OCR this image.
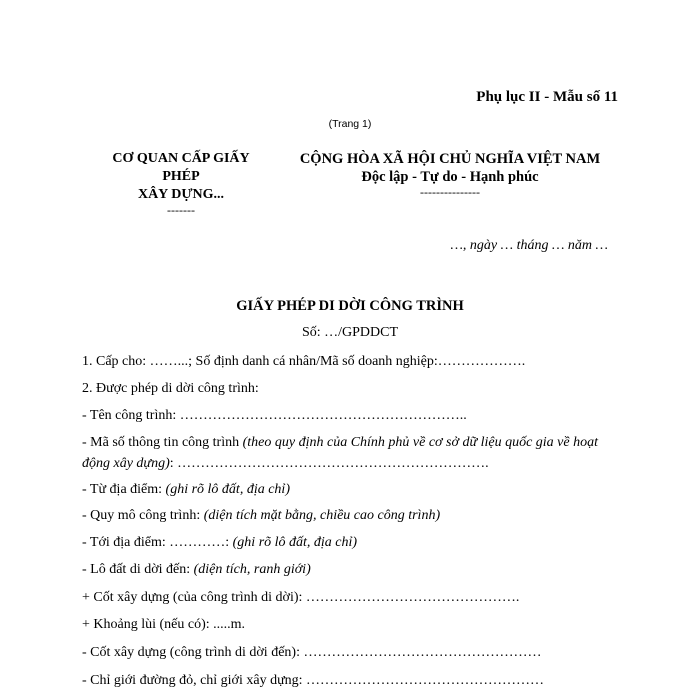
Phụ lục II - Mẫu số 11
(Trang 1)
CƠ QUAN CẤP GIẤY
PHÉP
XÂY DỰNG...
-------
CỘNG HÒA XÃ HỘI CHỦ NGHĨA VIỆT NAM
Độc lập - Tự do - Hạnh phúc
---------------
…, ngày … tháng … năm …
GIẤY PHÉP DI DỜI CÔNG TRÌNH
Số: …/GPDDCT
1. Cấp cho: ……...; Số định danh cá nhân/Mã số doanh nghiệp:……………….
2. Được phép di dời công trình:
- Tên công trình: ……………………………………………………..
- Mã số thông tin công trình (theo quy định của Chính phủ về cơ sở dữ liệu quốc gia về hoạt động xây dựng): ………………………………………………………….
- Từ địa điểm: (ghi rõ lô đất, địa chỉ)
- Quy mô công trình: (diện tích mặt bằng, chiều cao công trình)
- Tới địa điểm: …………: (ghi rõ lô đất, địa chỉ)
- Lô đất di dời đến: (diện tích, ranh giới)
+ Cốt xây dựng (của công trình di dời): ……………………………………….
+ Khoảng lùi (nếu có): .....m.
- Cốt xây dựng (công trình di dời đến): ……………………………………………
- Chỉ giới đường đỏ, chỉ giới xây dựng: ……………………………………………
